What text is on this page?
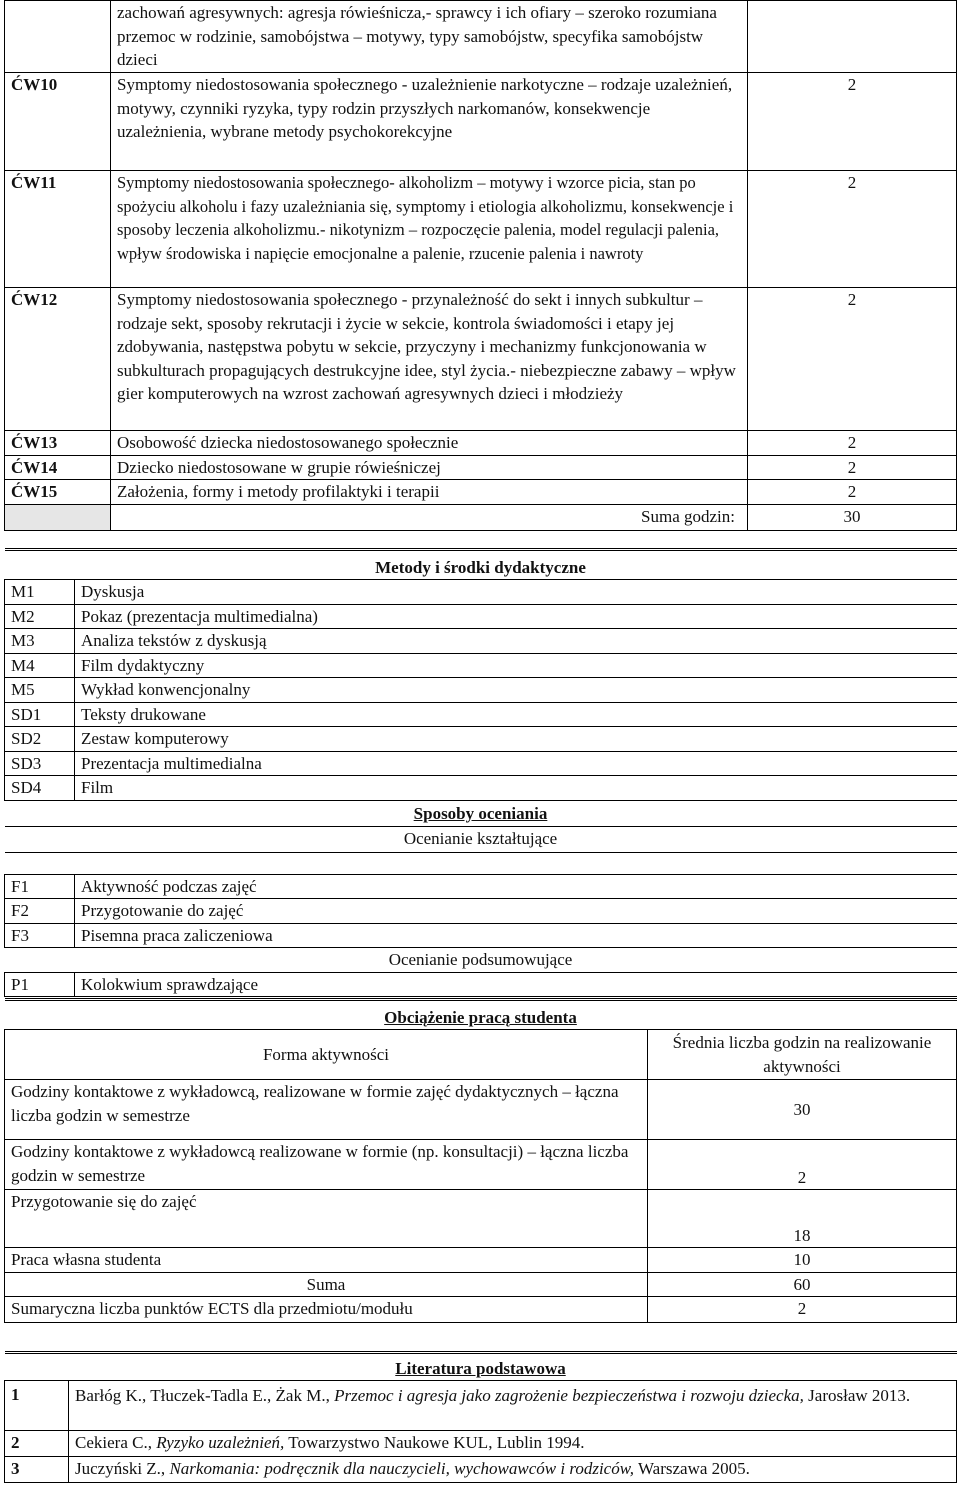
	zachowań agresywnych: agresja rówieśnicza,- sprawcy i ich ofiary – szeroko rozumiana przemoc w rodzinie, samobójstwa – motywy, typy samobójstw, specyfika samobójstw dzieci	
ĆW10	Symptomy niedostosowania społecznego - uzależnienie narkotyczne – rodzaje uzależnień, motywy, czynniki ryzyka, typy rodzin przyszłych narkomanów, konsekwencje uzależnienia, wybrane metody psychokorekcyjne	2
ĆW11	Symptomy niedostosowania społecznego- alkoholizm – motywy i wzorce picia, stan po spożyciu alkoholu i fazy uzależniania się, symptomy i etiologia alkoholizmu, konsekwencje i sposoby leczenia alkoholizmu.- nikotynizm – rozpoczęcie palenia, model regulacji palenia, wpływ środowiska i napięcie emocjonalne a palenie, rzucenie palenia i nawroty	2
ĆW12	Symptomy niedostosowania społecznego - przynależność do sekt i innych subkultur – rodzaje sekt, sposoby rekrutacji i życie w sekcie, kontrola świadomości i etapy jej zdobywania, następstwa pobytu w sekcie, przyczyny i mechanizmy funkcjonowania w subkulturach propagujących destrukcyjne idee, styl życia.- niebezpieczne zabawy – wpływ gier komputerowych na wzrost zachowań agresywnych dzieci i młodzieży	2
ĆW13	Osobowość dziecka niedostosowanego społecznie	2
ĆW14	Dziecko niedostosowane w grupie rówieśniczej	2
ĆW15	Założenia, formy i metody profilaktyki i terapii	2
	Suma godzin:	30
Metody i środki dydaktyczne	
M1	Dyskusja
M2	Pokaz (prezentacja multimedialna)
M3	Analiza tekstów z dyskusją
M4	Film dydaktyczny
M5	Wykład konwencjonalny
SD1	Teksty drukowane
SD2	Zestaw komputerowy
SD3	Prezentacja multimedialna
SD4	Film
Sposoby oceniania	
Ocenianie kształtujące	

F1	Aktywność podczas zajęć
F2	Przygotowanie do zajęć
F3	Pisemna praca zaliczeniowa
Ocenianie podsumowujące	
P1	Kolokwium sprawdzające
Obciążenie pracą studenta	
Forma aktywności	Średnia liczba godzin na realizowanie aktywności
Godziny kontaktowe z wykładowcą, realizowane w formie zajęć dydaktycznych – łączna liczba godzin w semestrze	30
Godziny kontaktowe z wykładowcą realizowane w formie (np. konsultacji) – łączna liczba godzin w semestrze	2
Przygotowanie się do zajęć	18
Praca własna studenta	10
Suma	60
Sumaryczna liczba punktów ECTS dla przedmiotu/modułu	2
Literatura podstawowa	
1	Barłóg K., Tłuczek-Tadla E., Żak M., Przemoc i agresja jako zagrożenie bezpieczeństwa i rozwoju dziecka, Jarosław 2013.
2	Cekiera C., Ryzyko uzależnień, Towarzystwo Naukowe KUL, Lublin 1994.
3	Juczyński Z., Narkomania: podręcznik dla nauczycieli, wychowawców i rodziców, Warszawa 2005.
